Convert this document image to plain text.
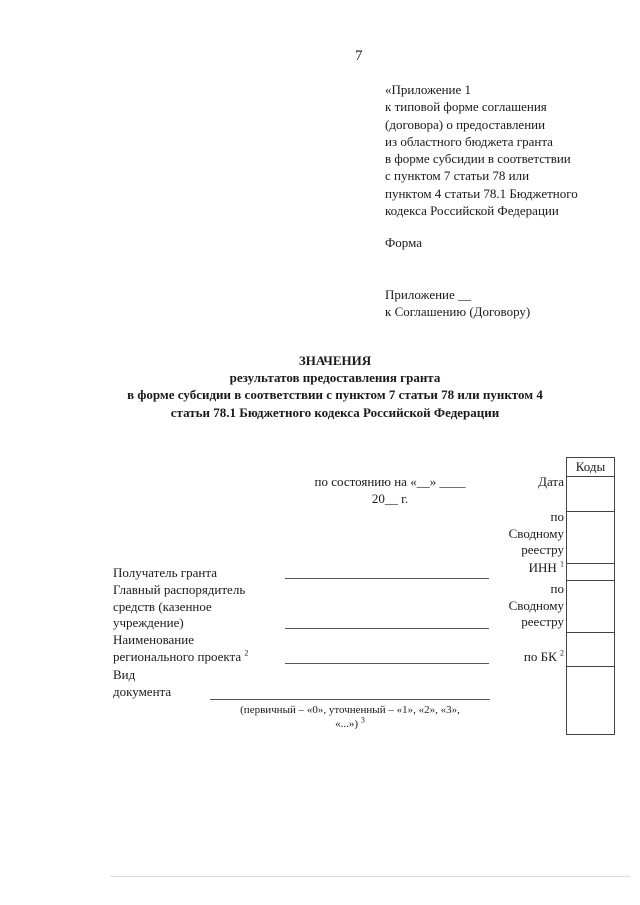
7
«Приложение 1
к типовой форме соглашения
(договора) о предоставлении
из областного бюджета гранта
в форме субсидии в соответствии
с пунктом 7 статьи 78 или
пунктом 4 статьи 78.1 Бюджетного
кодекса Российской Федерации
Форма
Приложение __
к Соглашению (Договору)
ЗНАЧЕНИЯ
результатов предоставления гранта
в форме субсидии в соответствии с пунктом 7 статьи 78 или пунктом 4
статьи 78.1 Бюджетного кодекса Российской Федерации
по состоянию на «__» ____
20__ г.
Дата
по
Сводному
реестру
ИНН $^1$
по
Сводному
реестру
по БК $^2$
Коды
Получатель гранта
Главный распорядитель
средств (казенное
учреждение)
Наименование
регионального проекта $^2$
Вид
документа
(первичный – «0», уточненный – «1», «2», «3»,
«...») $^3$
